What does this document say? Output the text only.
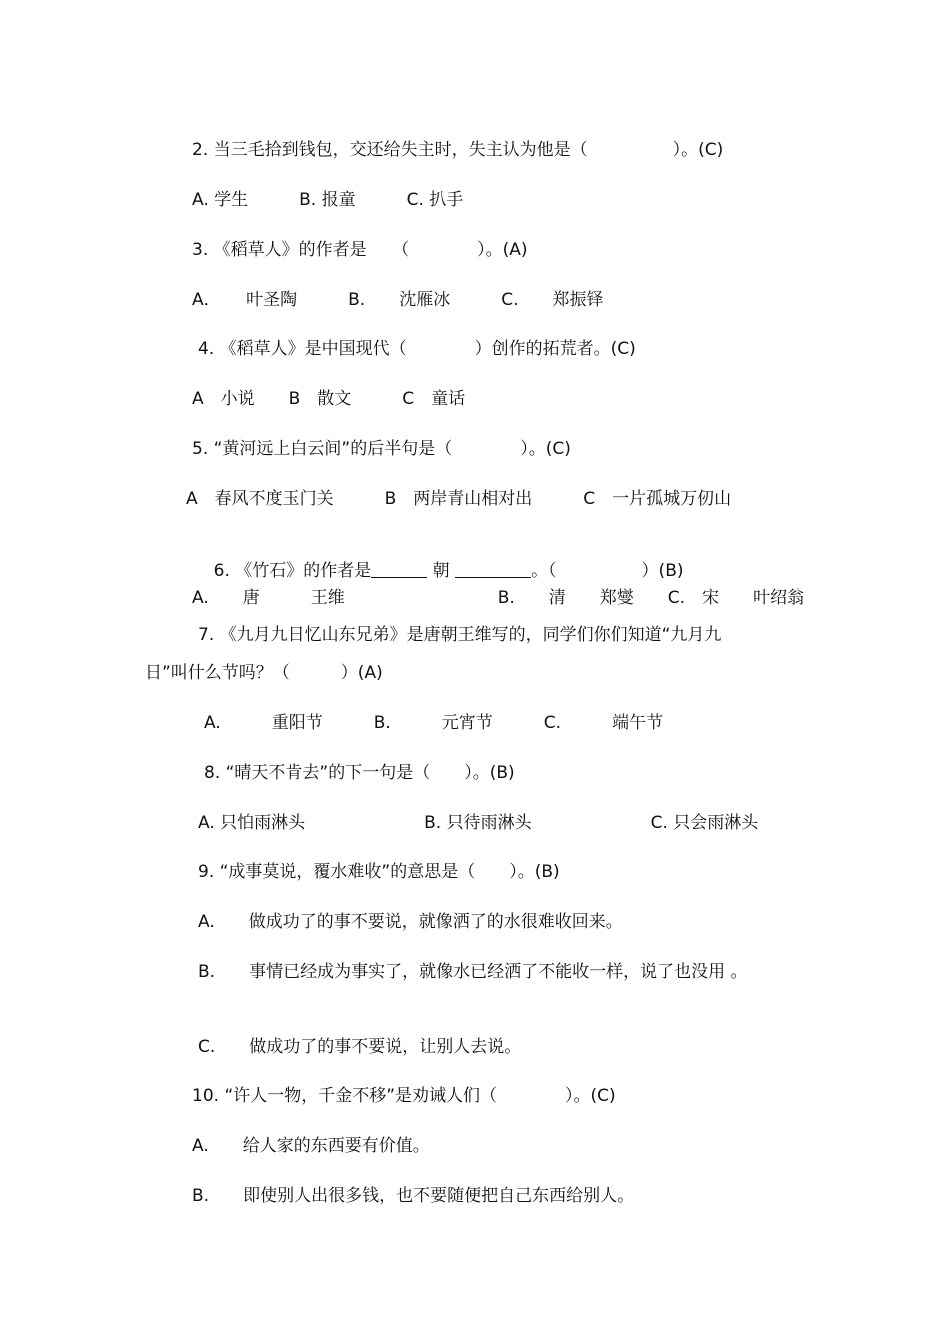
2. 当三毛拾到钱包，交还给失主时，失主认为他是（　　　　　）。(C)
A. 学生　　　B. 报童　　　C. 扒手
3. 《稻草人》的作者是　　（　　　　）。(A)
A．　　叶圣陶　　　B.　　沈雁冰　　　C.　　郑振铎
4. 《稻草人》是中国现代（　　　　）创作的拓荒者。(C)
A　小说　　B　散文　　　C　童话
5. “黄河远上白云间”的后半句是（　　　　）。(C)
A　春风不度玉门关　　　B　两岸青山相对出　　　C　一片孤城万仞山

6. 《竹石》的作者是	朝	。（　　　　　）(B)

A.　　唐　　　王维　　　　　　　　　B.　　清　　郑燮　　C.　宋　　叶绍翁
7. 《九月九日忆山东兄弟》是唐朝王维写的，同学们你们知道“九月九
日”叫什么节吗？（　　　）(A)
A.　　　重阳节　　　B.　　　元宵节　　　C.　　　端午节
8. “晴天不肯去”的下一句是（　　）。(B)
A. 只怕雨淋头　　　　　　　B. 只待雨淋头　　　　　　　C. 只会雨淋头
9. “成事莫说，覆水难收”的意思是（　　）。(B)
A.　　做成功了的事不要说，就像洒了的水很难收回来。
B.　　事情已经成为事实了，就像水已经洒了不能收一样，说了也没用 。
C.　　做成功了的事不要说，让别人去说。
10. “许人一物，千金不移”是劝诫人们（　　　　）。(C)
A.　　给人家的东西要有价值。
B.　　即使别人出很多钱，也不要随便把自己东西给别人。
